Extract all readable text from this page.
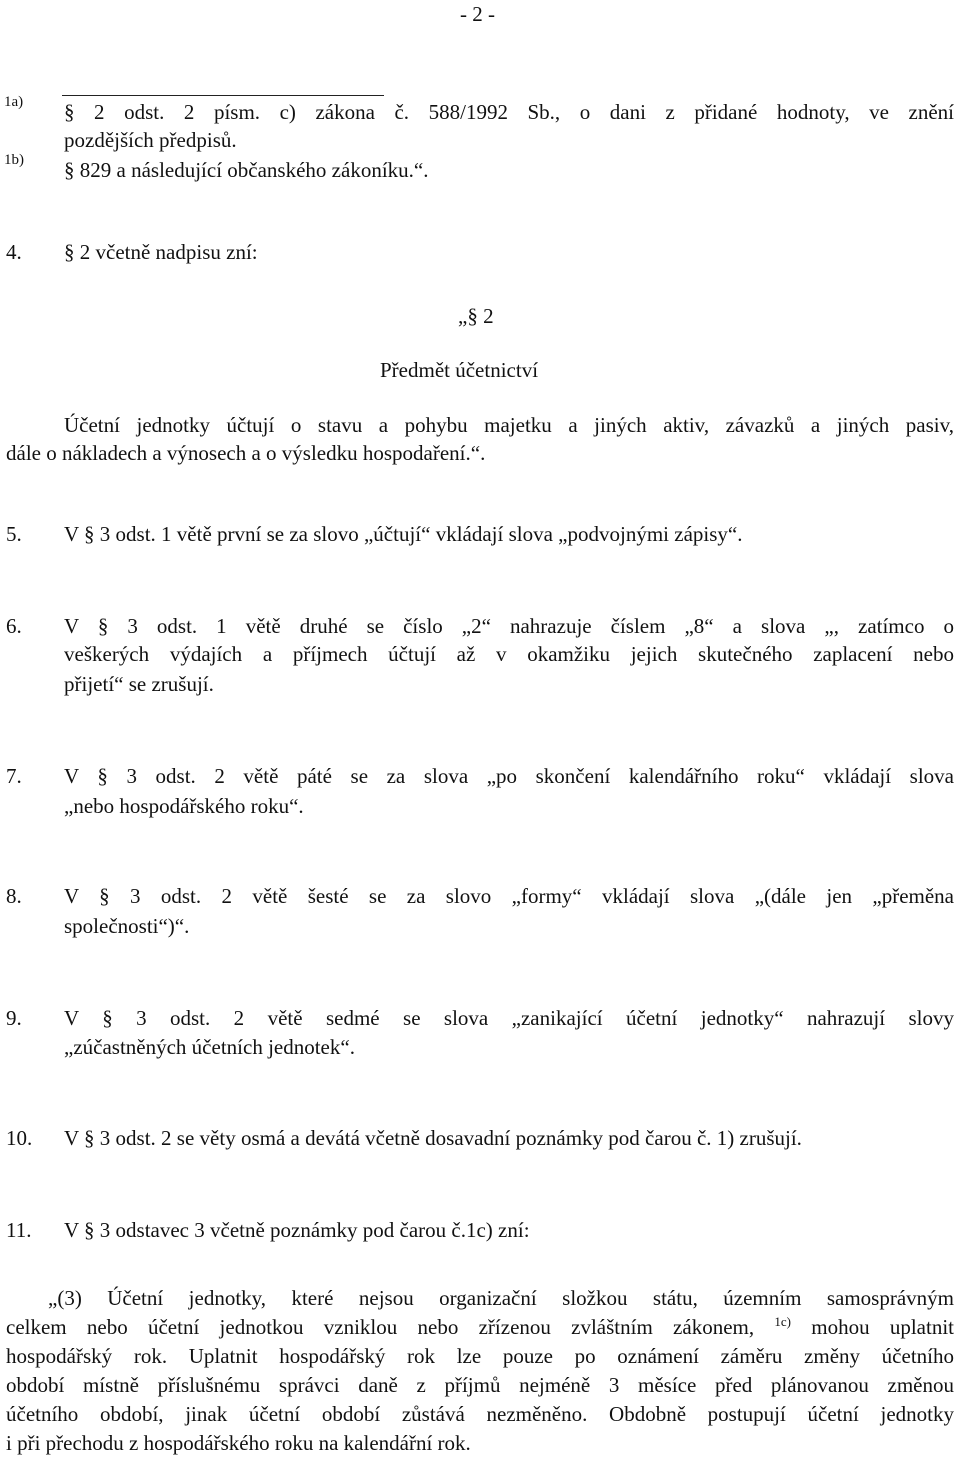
- 2 -
1a) § 2 odst. 2 písm. c) zákona č. 588/1992 Sb., o dani z přidané hodnoty, ve znění
pozdějších předpisů.
1b) § 829 a následující občanského zákoníku.“.
4. § 2 včetně nadpisu zní:
„§ 2
Předmět účetnictví
Účetní jednotky účtují o stavu a pohybu majetku a jiných aktiv, závazků a jiných pasiv,
dále o nákladech a výnosech a o výsledku hospodaření.“.
5. V § 3 odst. 1 větě první se za slovo „účtují“ vkládají slova „podvojnými zápisy“.
6. V § 3 odst. 1 větě druhé se číslo „2“ nahrazuje číslem „8“ a slova „, zatímco o
veškerých výdajích a příjmech účtují až v okamžiku jejich skutečného zaplacení nebo
přijetí“ se zrušují.
7. V § 3 odst. 2 větě páté se za slova „po skončení kalendářního roku“ vkládají slova
„nebo hospodářského roku“.
8. V § 3 odst. 2 větě šesté se za slovo „formy“ vkládají slova „(dále jen „přeměna
společnosti“)“.
9. V § 3 odst. 2 větě sedmé se slova „zanikající účetní jednotky“ nahrazují slovy
„zúčastněných účetních jednotek“.
10. V § 3 odst. 2 se věty osmá a devátá včetně dosavadní poznámky pod čarou č. 1) zrušují.
11. V § 3 odstavec 3 včetně poznámky pod čarou č.1c) zní:
„(3) Účetní jednotky, které nejsou organizační složkou státu, územním samosprávným
celkem nebo účetní jednotkou vzniklou nebo zřízenou zvláštním zákonem, $^{1c)}$ mohou uplatnit
hospodářský rok. Uplatnit hospodářský rok lze pouze po oznámení záměru změny účetního
období místně příslušnému správci daně z příjmů nejméně 3 měsíce před plánovanou změnou
účetního období, jinak účetní období zůstává nezměněno. Obdobně postupují účetní jednotky
i při přechodu z hospodářského roku na kalendářní rok.
